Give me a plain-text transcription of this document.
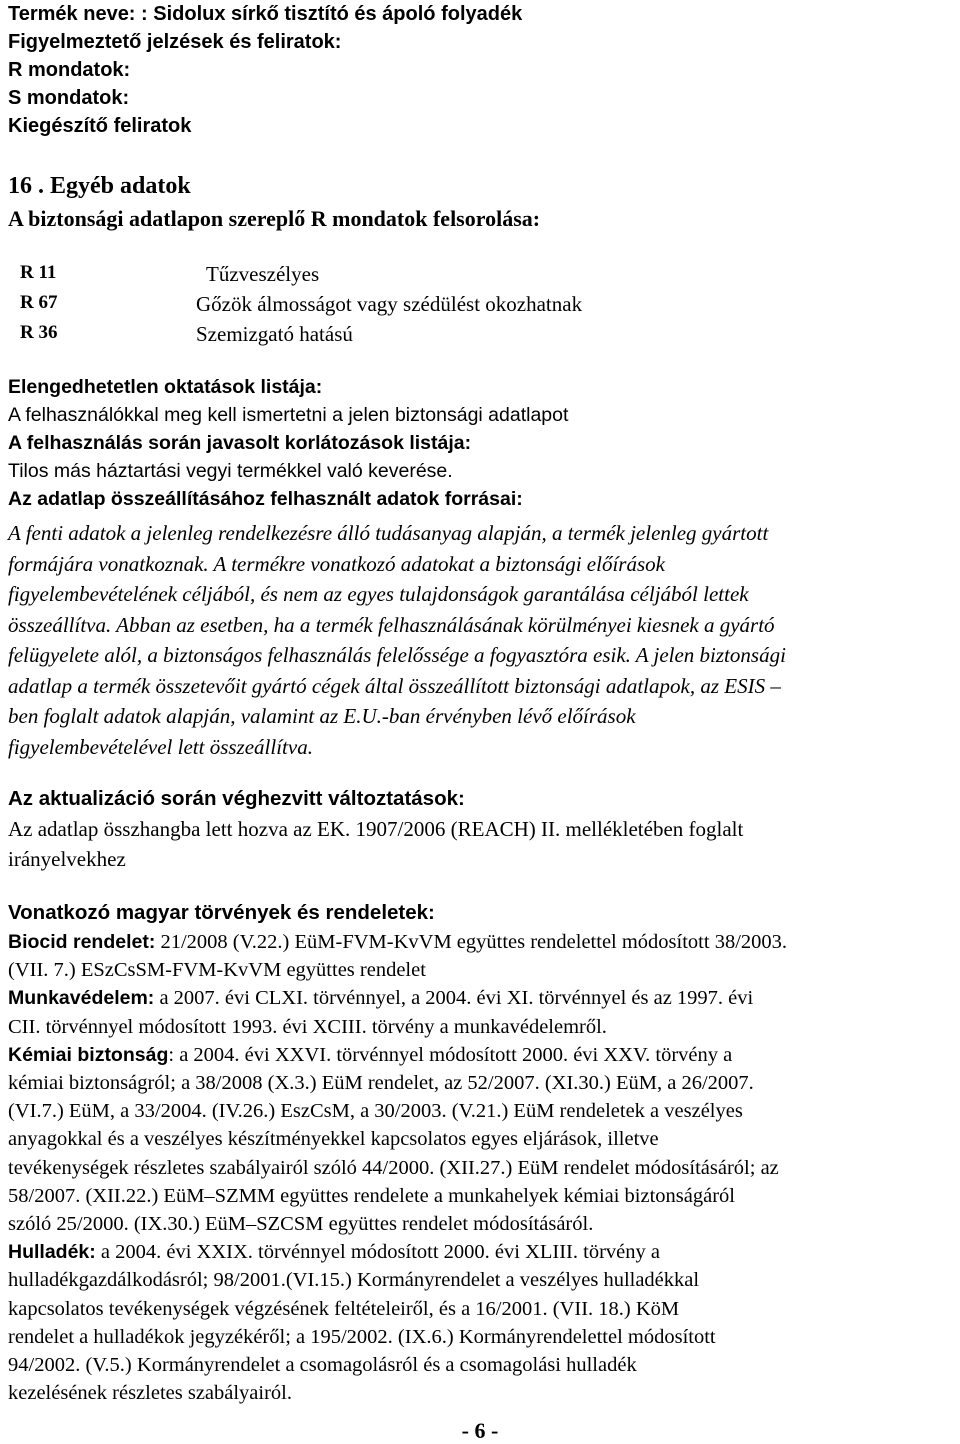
Termék neve: : Sidolux sírkő tisztító és ápoló folyadék
Figyelmeztető jelzések és feliratok:
R mondatok:
S mondatok:
Kiegészítő feliratok
16 . Egyéb adatok
A biztonsági adatlapon szereplő R mondatok felsorolása:
R 11	Tűzveszélyes
R 67	Gőzök álmosságot vagy szédülést okozhatnak
R 36	Szemizgató hatású
Elengedhetetlen oktatások listája:
A felhasználókkal meg kell ismertetni a jelen biztonsági adatlapot
A felhasználás során javasolt korlátozások listája:
Tilos más háztartási vegyi termékkel való keverése.
Az adatlap összeállításához felhasznált adatok forrásai:
A fenti adatok a jelenleg rendelkezésre álló tudásanyag alapján, a termék jelenleg gyártott
formájára vonatkoznak. A termékre vonatkozó adatokat a biztonsági előírások
figyelembevételének céljából, és nem az egyes tulajdonságok garantálása céljából lettek
összeállítva. Abban az esetben, ha a termék felhasználásának körülményei kiesnek a gyártó
felügyelete alól, a biztonságos felhasználás felelőssége a fogyasztóra esik. A jelen biztonsági
adatlap a termék összetevőit gyártó cégek által összeállított biztonsági adatlapok, az ESIS –
ben foglalt adatok alapján, valamint az E.U.-ban érvényben lévő előírások
figyelembevételével lett összeállítva.
Az aktualizáció során véghezvitt változtatások:
Az adatlap összhangba lett hozva az EK. 1907/2006 (REACH) II. mellékletében foglalt
irányelvekhez
Vonatkozó magyar törvények és rendeletek:
Biocid rendelet: 21/2008 (V.22.) EüM-FVM-KvVM együttes rendelettel módosított 38/2003.
(VII. 7.) ESzCsSM-FVM-KvVM együttes rendelet
Munkavédelem: a 2007. évi CLXI. törvénnyel, a 2004. évi XI. törvénnyel és az 1997. évi
CII. törvénnyel módosított 1993. évi XCIII. törvény a munkavédelemről.
Kémiai biztonság: a 2004. évi XXVI. törvénnyel módosított 2000. évi XXV. törvény a
kémiai biztonságról; a 38/2008 (X.3.) EüM rendelet, az 52/2007. (XI.30.) EüM, a 26/2007.
(VI.7.) EüM, a 33/2004. (IV.26.) EszCsM, a 30/2003. (V.21.) EüM rendeletek a veszélyes
anyagokkal és a veszélyes készítményekkel kapcsolatos egyes eljárások, illetve
tevékenységek részletes szabályairól szóló 44/2000. (XII.27.) EüM rendelet módosításáról; az
58/2007. (XII.22.) EüM–SZMM együttes rendelete a munkahelyek kémiai biztonságáról
szóló 25/2000. (IX.30.) EüM–SZCSM együttes rendelet módosításáról.
Hulladék: a 2004. évi XXIX. törvénnyel módosított 2000. évi XLIII. törvény a
hulladékgazdálkodásról; 98/2001.(VI.15.) Kormányrendelet a veszélyes hulladékkal
kapcsolatos tevékenységek végzésének feltételeiről, és a 16/2001. (VII. 18.) KöM
rendelet a hulladékok jegyzékéről; a 195/2002. (IX.6.) Kormányrendelettel módosított
94/2002. (V.5.) Kormányrendelet a csomagolásról és a csomagolási hulladék
kezelésének részletes szabályairól.
- 6 -
